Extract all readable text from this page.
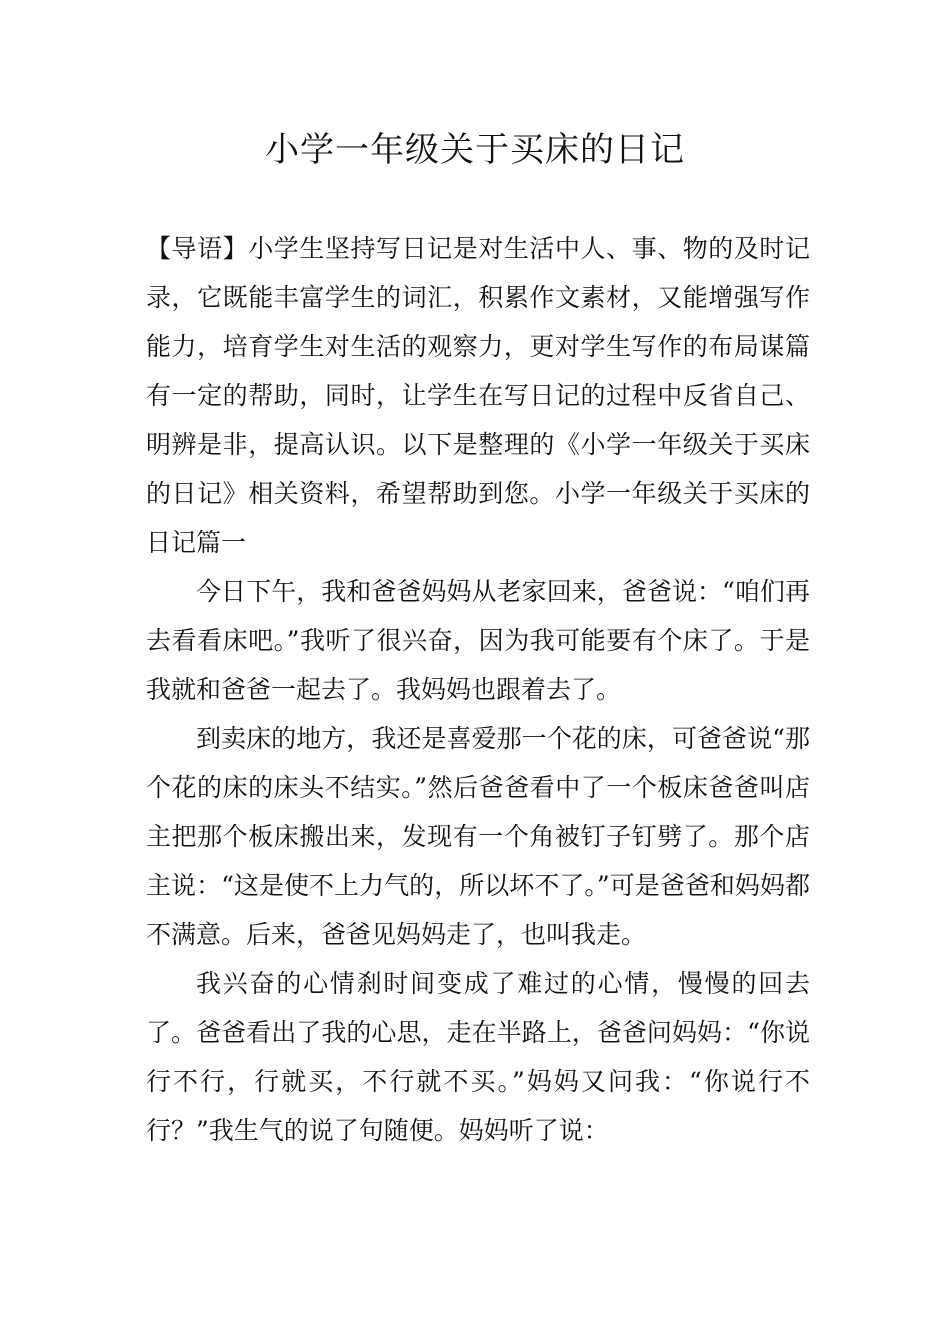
小学一年级关于买床的日记

【导语】小学生坚持写日记是对生活中人、事、物的及时记录，它既能丰富学生的词汇，积累作文素材，又能增强写作能力，培育学生对生活的观察力，更对学生写作的布局谋篇有一定的帮助，同时，让学生在写日记的过程中反省自己、明辨是非，提高认识。以下是整理的《小学一年级关于买床的日记》相关资料，希望帮助到您。小学一年级关于买床的日记篇一

今日下午，我和爸爸妈妈从老家回来，爸爸说：“咱们再去看看床吧。”我听了很兴奋，因为我可能要有个床了。于是我就和爸爸一起去了。我妈妈也跟着去了。

到卖床的地方，我还是喜爱那一个花的床，可爸爸说“那个花的床的床头不结实。”然后爸爸看中了一个板床爸爸叫店主把那个板床搬出来，发现有一个角被钉子钉劈了。那个店主说：“这是使不上力气的，所以坏不了。”可是爸爸和妈妈都不满意。后来，爸爸见妈妈走了，也叫我走。

我兴奋的心情刹时间变成了难过的心情，慢慢的回去了。爸爸看出了我的心思，走在半路上，爸爸问妈妈：“你说行不行，行就买，不行就不买。”妈妈又问我：“你说行不行？”我生气的说了句随便。妈妈听了说：
